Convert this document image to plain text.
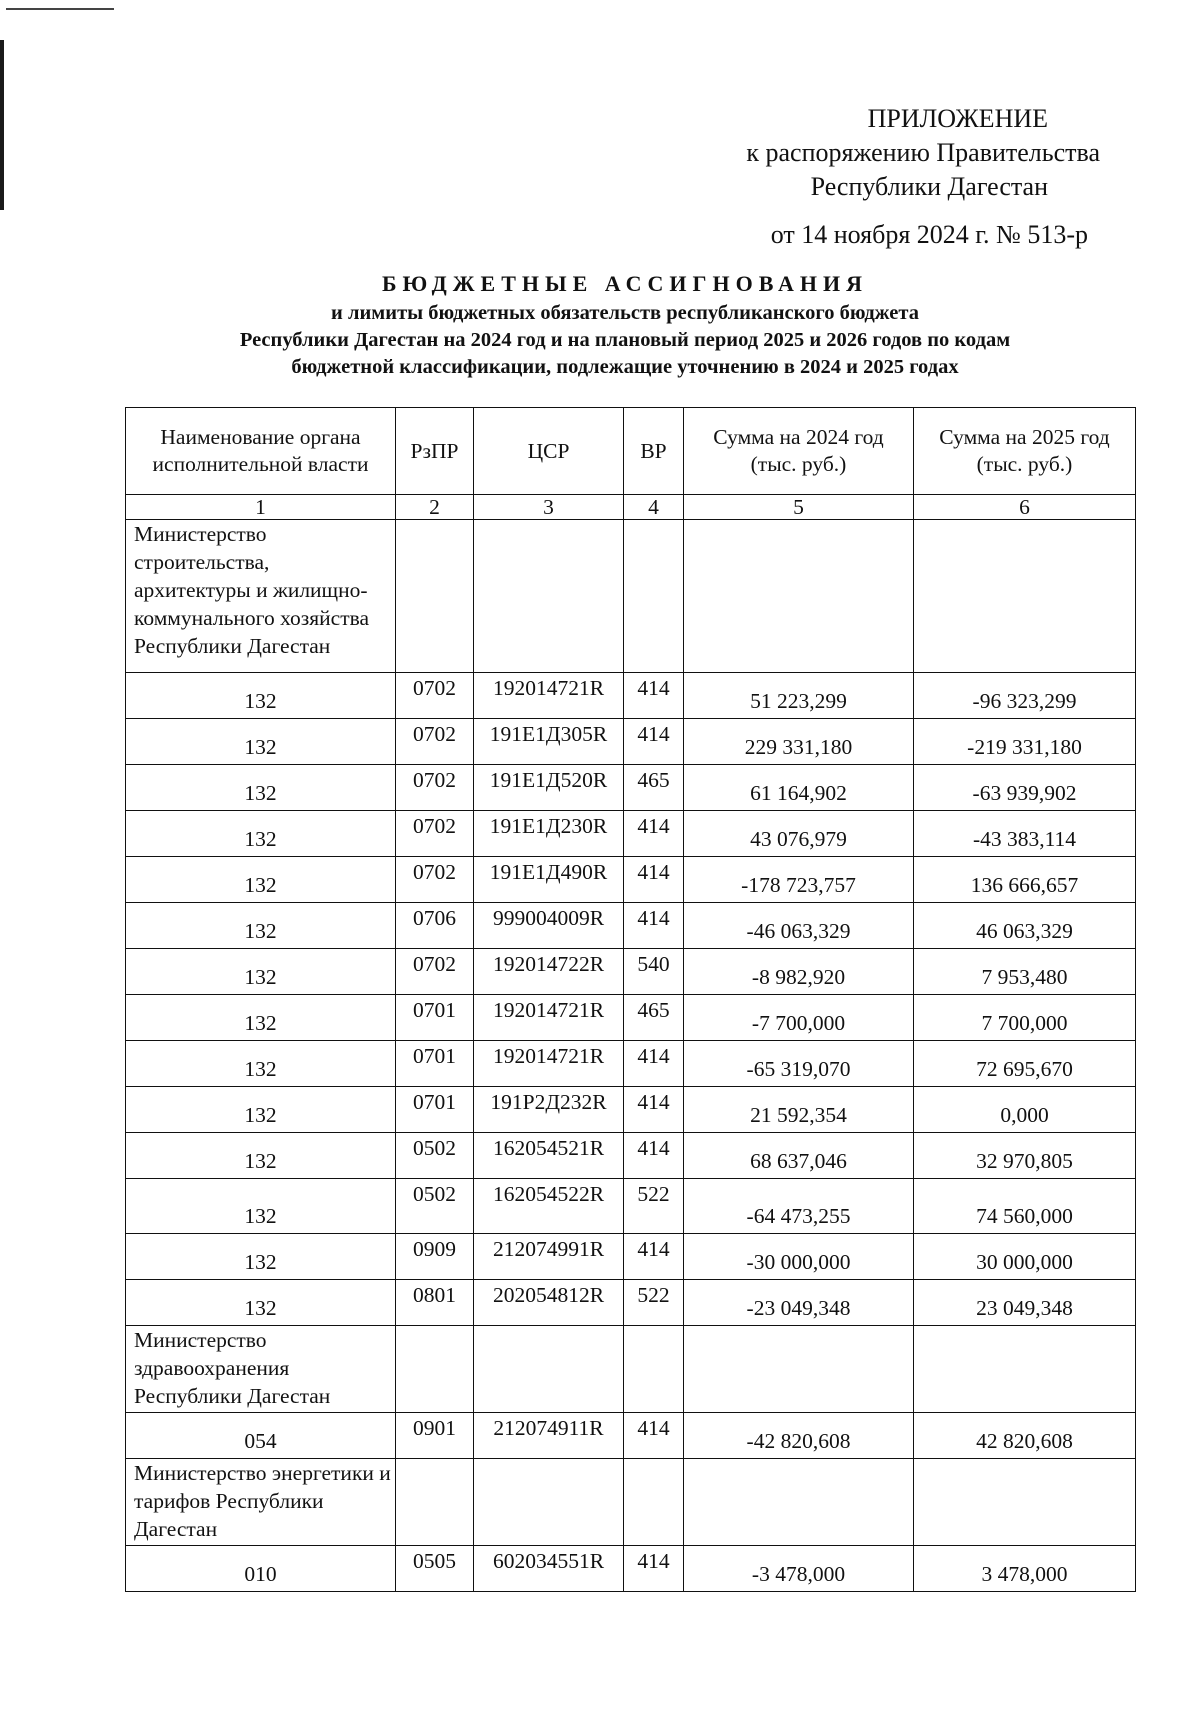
ПРИЛОЖЕНИЕ
к распоряжению Правительства
Республики Дагестан
от 14 ноября 2024 г. № 513-р
БЮДЖЕТНЫЕ АССИГНОВАНИЯ
и лимиты бюджетных обязательств республиканского бюджета
Республики Дагестан на 2024 год и на плановый период 2025 и 2026 годов по кодам
бюджетной классификации, подлежащие уточнению в 2024 и 2025 годах
Наименование органа исполнительной власти	РзПР	ЦСР	ВР	Сумма на 2024 год (тыс. руб.)	Сумма на 2025 год (тыс. руб.)
1	2	3	4	5	6
Министерство строительства, архитектуры и жилищно-коммунального хозяйства Республики Дагестан					
132	0702	192014721R	414	51 223,299	-96 323,299
132	0702	191E1Д305R	414	229 331,180	-219 331,180
132	0702	191E1Д520R	465	61 164,902	-63 939,902
132	0702	191E1Д230R	414	43 076,979	-43 383,114
132	0702	191E1Д490R	414	-178 723,757	136 666,657
132	0706	999004009R	414	-46 063,329	46 063,329
132	0702	192014722R	540	-8 982,920	7 953,480
132	0701	192014721R	465	-7 700,000	7 700,000
132	0701	192014721R	414	-65 319,070	72 695,670
132	0701	191Р2Д232R	414	21 592,354	0,000
132	0502	162054521R	414	68 637,046	32 970,805
132	0502	162054522R	522	-64 473,255	74 560,000
132	0909	212074991R	414	-30 000,000	30 000,000
132	0801	202054812R	522	-23 049,348	23 049,348
Министерство здравоохранения Республики Дагестан					
054	0901	212074911R	414	-42 820,608	42 820,608
Министерство энергетики и тарифов Республики Дагестан					
010	0505	602034551R	414	-3 478,000	3 478,000
